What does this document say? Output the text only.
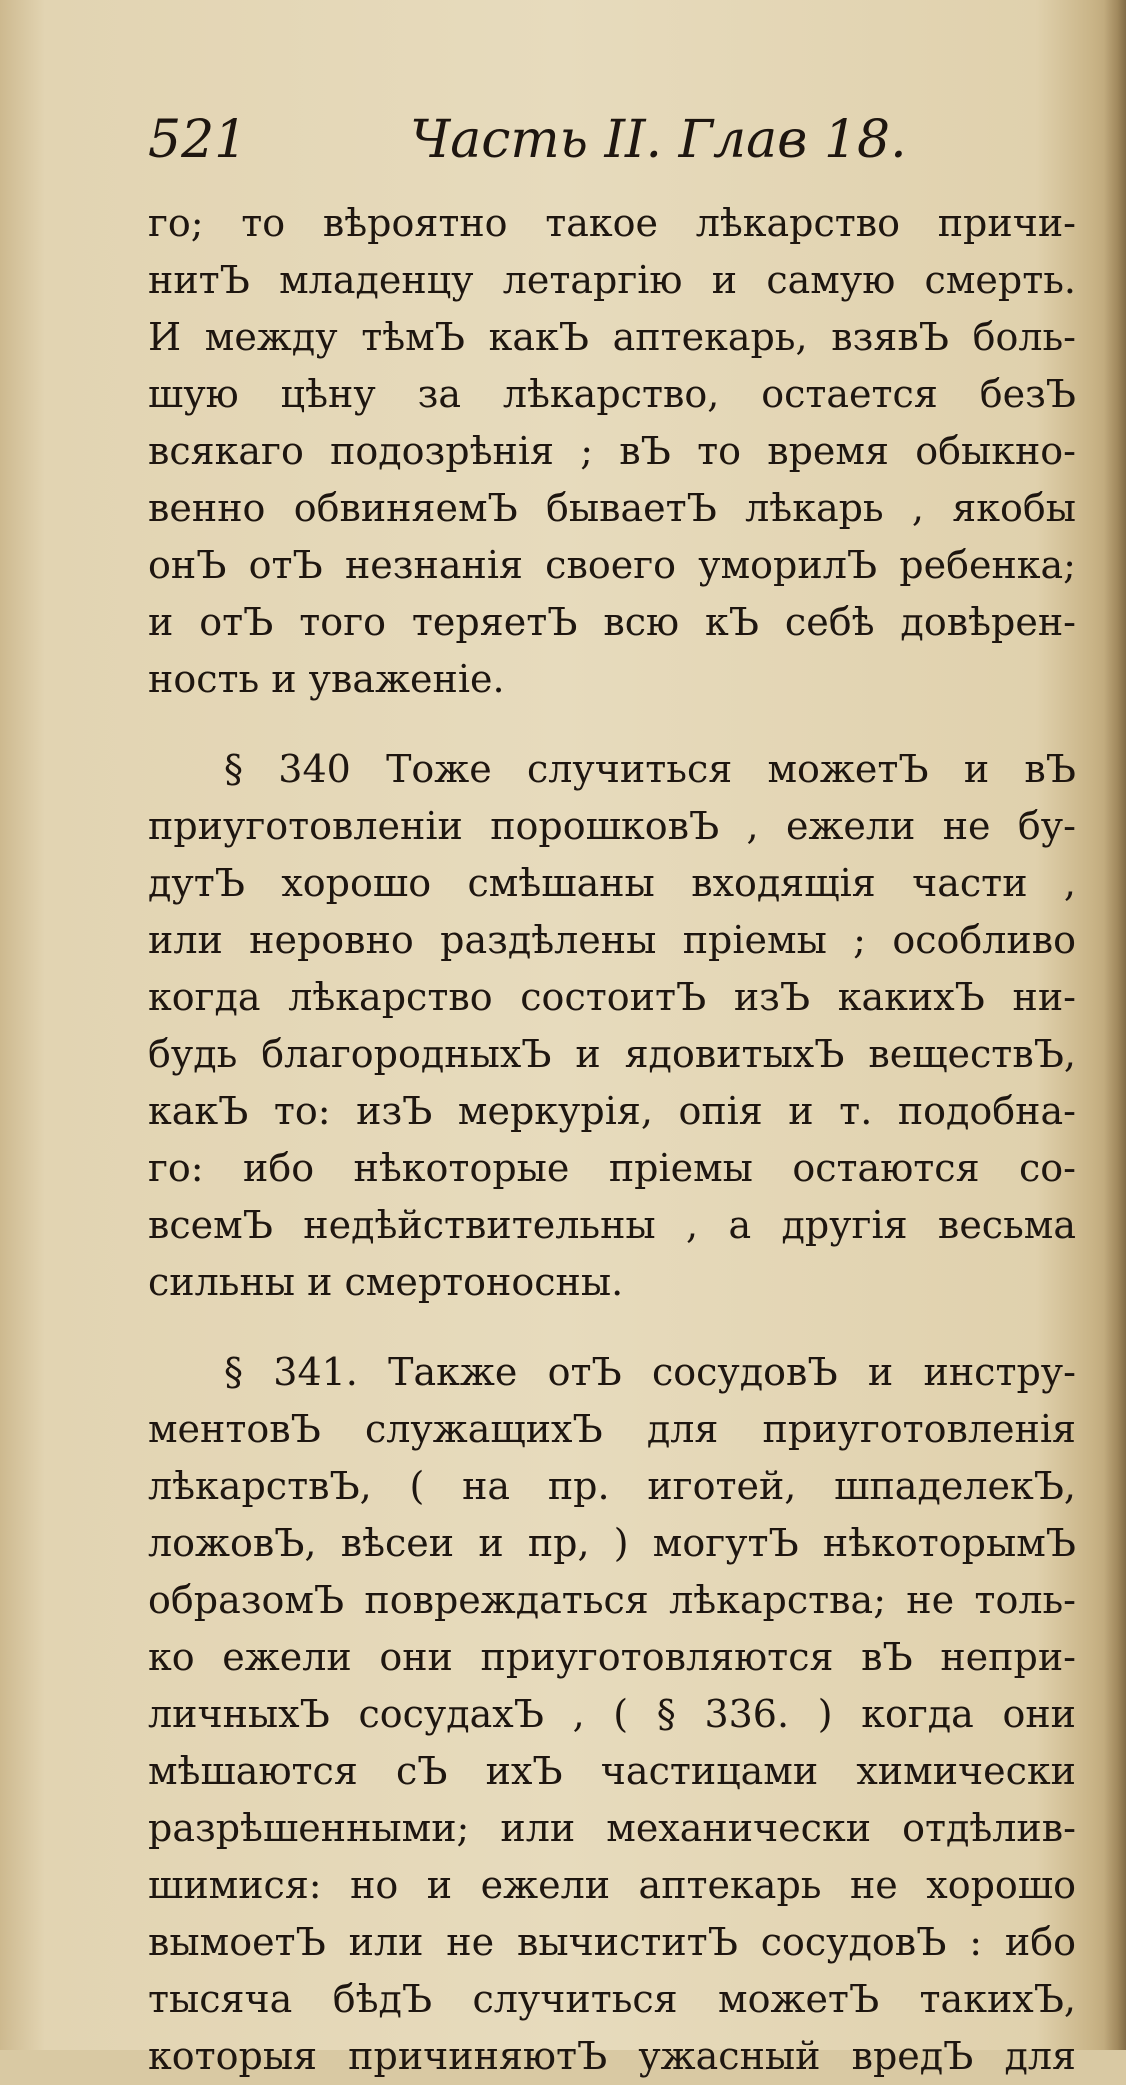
521	Часть II. Глав 18.
го; то вѣроятно такое лѣкарство причи-
нитЪ младенцу летаргію и самую смерть.
И между тѣмЪ какЪ аптекарь, взявЪ боль-
шую цѣну за лѣкарство, остается безЪ
всякаго подозрѣнія ; вЪ то время обыкно-
венно обвиняемЪ бываетЪ лѣкарь , якобы
онЪ отЪ незнанія своего уморилЪ ребенка;
и отЪ того теряетЪ всю кЪ себѣ довѣрен-
ность и уваженіе.
§ 340 Тоже случиться можетЪ и вЪ
приуготовленіи порошковЪ , ежели не бу-
дутЪ хорошо смѣшаны входящія части ,
или неровно раздѣлены пріемы ; особливо
когда лѣкарство состоитЪ изЪ какихЪ ни-
будь благородныхЪ и ядовитыхЪ веществЪ,
какЪ то: изЪ меркурія, опія и т. подобна-
го: ибо нѣкоторые пріемы остаются со-
всемЪ недѣйствительны , а другія весьма
сильны и смертоносны.
§ 341. Также отЪ сосудовЪ и инстру-
ментовЪ служащихЪ для приуготовленія
лѣкарствЪ, ( на пр. иготей, шпаделекЪ,
ложовЪ, вѣсеи и пр, ) могутЪ нѣкоторымЪ
образомЪ повреждаться лѣкарства; не толь-
ко ежели они приуготовляются вЪ непри-
личныхЪ сосудахЪ , ( § 336. ) когда они
мѣшаются сЪ ихЪ частицами химически
разрѣшенными; или механически отдѣлив-
шимися: но и ежели аптекарь не хорошо
вымоетЪ или не вычиститЪ сосудовЪ : ибо
тысяча бѣдЪ случиться можетЪ такихЪ,
которыя причиняютЪ ужасный вредЪ для
